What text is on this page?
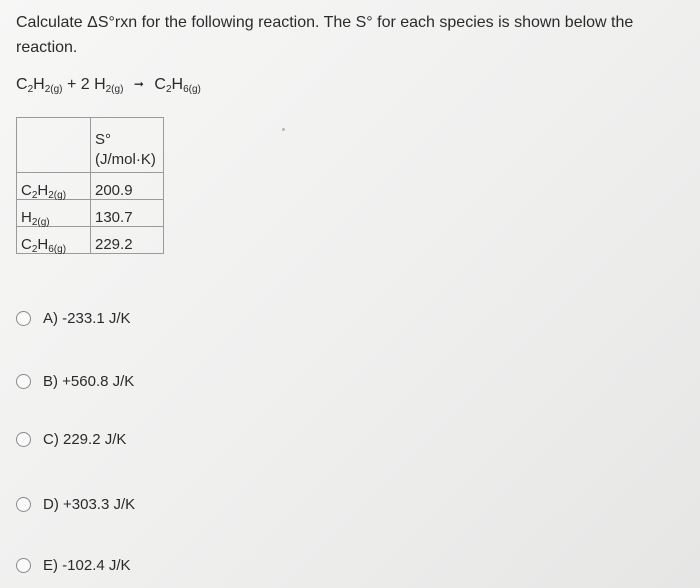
Calculate ΔS°rxn for the following reaction. The S° for each species is shown below the reaction.

$C_2H_{2(g)} + 2$ $H_{2(g)}$ ➞ $C_2H_{6(g)}$

	S°
(J/mol·K)

$C_2H_{2(g)}$	200.9
$H_{2(g)}$	130.7
$C_2H_{6(g)}$	229.2
A) -233.1 J/K
B) +560.8 J/K
C) 229.2 J/K
D) +303.3 J/K
E) -102.4 J/K
